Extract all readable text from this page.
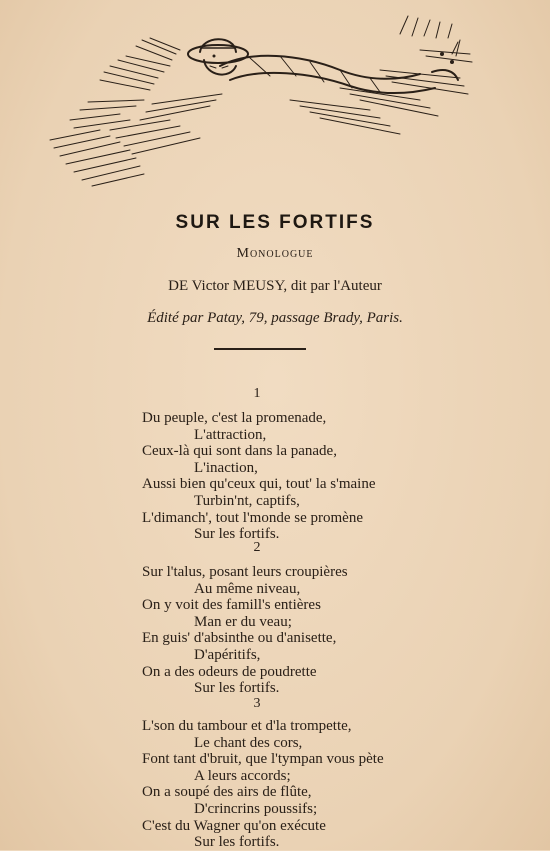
SUR LES FORTIFS
Monologue
DE Victor MEUSY, dit par l'Auteur
Édité par Patay, 79, passage Brady, Paris.
1
Du peuple, c'est la promenade,
L'attraction,
Ceux-là qui sont dans la panade,
L'inaction,
Aussi bien qu'ceux qui, tout' la s'maine
Turbin'nt, captifs,
L'dimanch', tout l'monde se promène
Sur les fortifs.
2
Sur l'talus, posant leurs croupières
Au même niveau,
On y voit des famill's entières
Man er du veau;
En guis' d'absinthe ou d'anisette,
D'apéritifs,
On a des odeurs de poudrette
Sur les fortifs.
3
L'son du tambour et d'la trompette,
Le chant des cors,
Font tant d'bruit, que l'tympan vous pète
A leurs accords;
On a soupé des airs de flûte,
D'crincrins poussifs;
C'est du Wagner qu'on exécute
Sur les fortifs.
